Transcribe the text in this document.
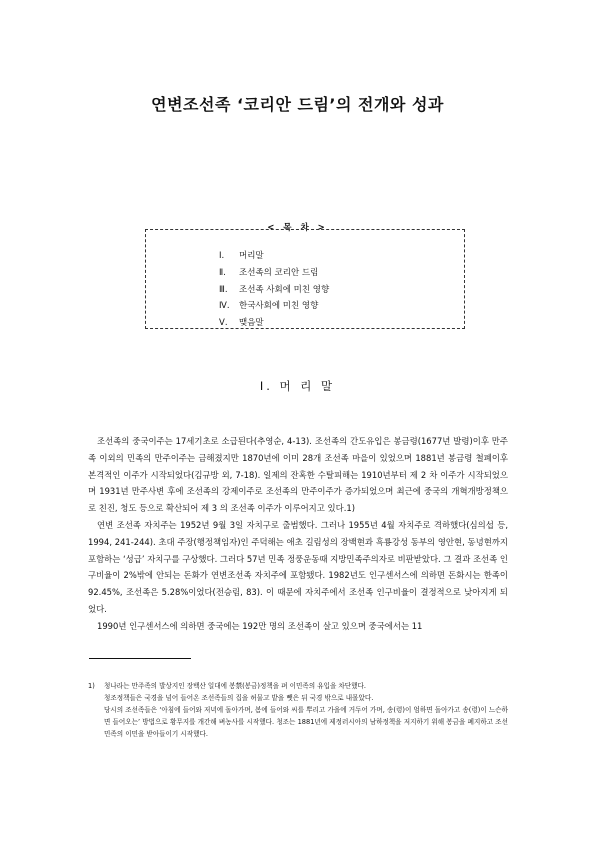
연변조선족 ‘코리안 드림’의 전개와 성과
< 목 차 >
Ⅰ.	머리말
Ⅱ.	조선족의 코리안 드림
Ⅲ.	조선족 사회에 미친 영향
Ⅳ.	한국사회에 미친 영향
Ⅴ.	맺음말
Ⅰ. 머 리 말

조선족의 중국이주는 17세기초로 소급된다(추영순, 4-13). 조선족의 간도유입은 봉금령(1677년 발령)이후 만주족 이외의 민족의 만주이주는 금해졌지만 1870년에 이미 28개 조선족 마을이 있었으며 1881년 봉금령 철폐이후 본격적인 이주가 시작되었다(김규방 외, 7-18). 일제의 잔혹한 수탈피해는 1910년부터 제 2 차 이주가 시작되었으며 1931년 만주사변 후에 조선족의 강제이주로 조선족의 만주이주가 증가되었으며 최근에 중국의 개혁개방정책으로 친진, 청도 등으로 확산되어 제 3 의 조선족 이주가 이루어지고 있다.1)

연변 조선족 자치주는 1952년 9월 3일 자치구로 출범했다. 그러나 1955년 4월 자치주로 격하했다(심의섭 등, 1994, 241-244). 초대 주장(행정책임자)인 주덕해는 애초 길림성의 장백현과 흑룡강성 동부의 영안현, 동녕현까지 포함하는 ‘성급’ 자치구를 구상했다. 그러다 57년 민족 정풍운동때 지방민족주의자로 비판받았다. 그 결과 조선족 인구비율이 2%밖에 안되는 돈화가 연변조선족 자치주에 포함됐다. 1982년도 인구센서스에 의하면 돈화시는 한족이 92.45%, 조선족은 5.28%이었다(전승림, 83). 이 때문에 자치주에서 조선족 인구비율이 결정적으로 낮아지게 되었다.

1990년 인구센서스에 의하면 중국에는 192만 명의 조선족이 살고 있으며 중국에서는 11

1) 청나라는 만주족의 발상지인 장백산 일대에 봉禁(봉금)정책을 펴 이민족의 유입을 차단했다.
청조정책들은 국경을 넘어 들어온 조선족들의 집을 허물고 밭을 뺏은 뒤 국경 밖으로 내몰았다.
당시의 조선족들은 ‘아침에 들어와 저녁에 돌아가며, 봄에 들어와 씨를 뿌리고 가을에 거두어 가며, 송(령)이 엄하면 돌아가고 송(령)이 느슨하면 들어오는’ 방법으로 황무지를 개간해 벼농사를 시작했다. 청조는 1881년에 제정러시아의 남하정책을 저지하기 위해 봉금을 폐지하고 조선민족의 이민을 받아들이기 시작했다.
